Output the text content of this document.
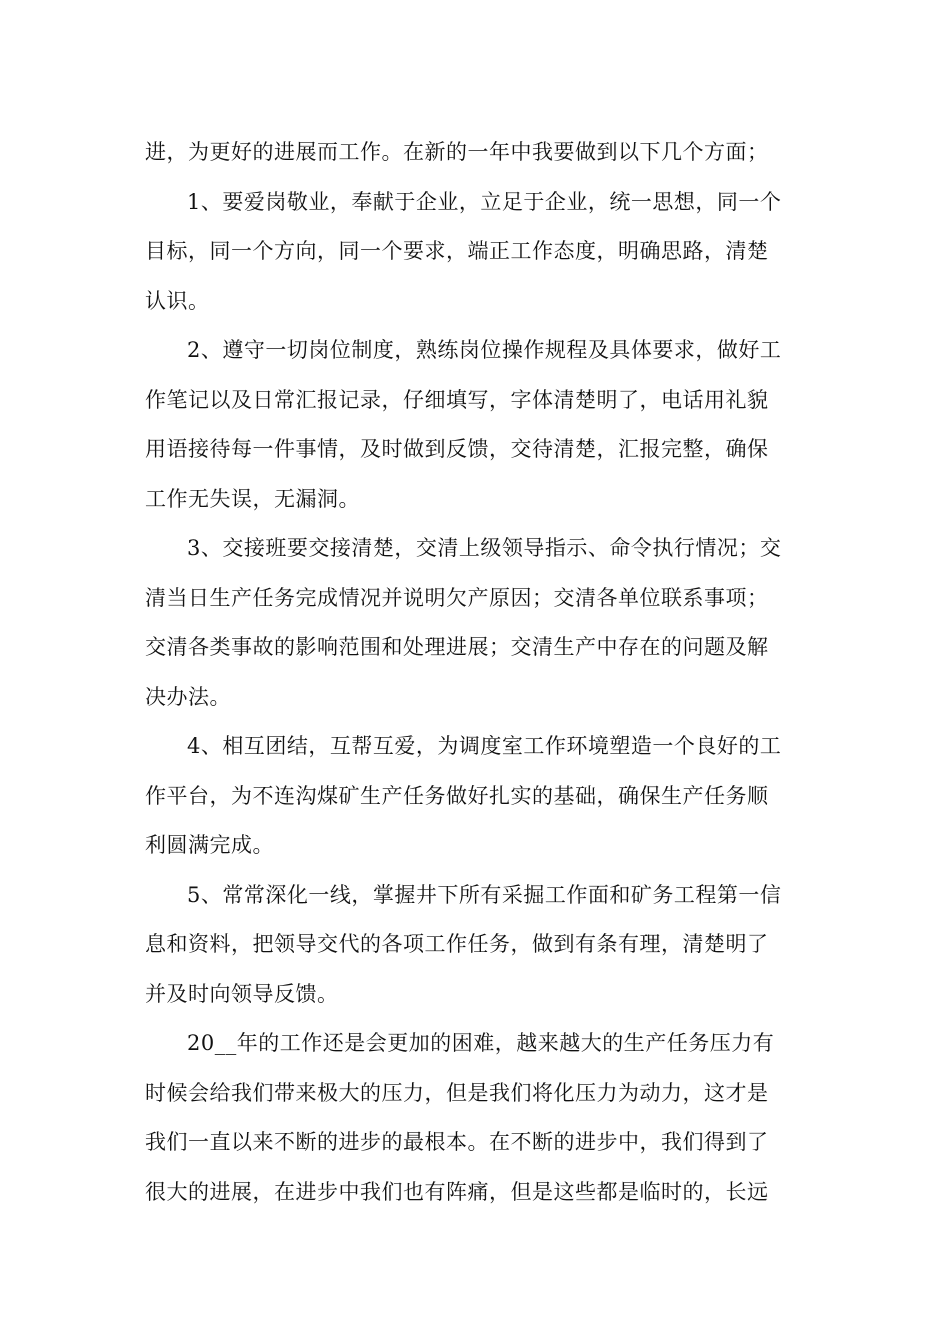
进，为更好的进展而工作。在新的一年中我要做到以下几个方面；
1、要爱岗敬业，奉献于企业，立足于企业，统一思想，同一个
目标，同一个方向，同一个要求，端正工作态度，明确思路，清楚
认识。
2、遵守一切岗位制度，熟练岗位操作规程及具体要求，做好工
作笔记以及日常汇报记录，仔细填写，字体清楚明了，电话用礼貌
用语接待每一件事情，及时做到反馈，交待清楚，汇报完整，确保
工作无失误，无漏洞。
3、交接班要交接清楚，交清上级领导指示、命令执行情况；交
清当日生产任务完成情况并说明欠产原因；交清各单位联系事项；
交清各类事故的影响范围和处理进展；交清生产中存在的问题及解
决办法。
4、相互团结，互帮互爱，为调度室工作环境塑造一个良好的工
作平台，为不连沟煤矿生产任务做好扎实的基础，确保生产任务顺
利圆满完成。
5、常常深化一线，掌握井下所有采掘工作面和矿务工程第一信
息和资料，把领导交代的各项工作任务，做到有条有理，清楚明了
并及时向领导反馈。
20__年的工作还是会更加的困难，越来越大的生产任务压力有
时候会给我们带来极大的压力，但是我们将化压力为动力，这才是
我们一直以来不断的进步的最根本。在不断的进步中，我们得到了
很大的进展，在进步中我们也有阵痛，但是这些都是临时的，长远
